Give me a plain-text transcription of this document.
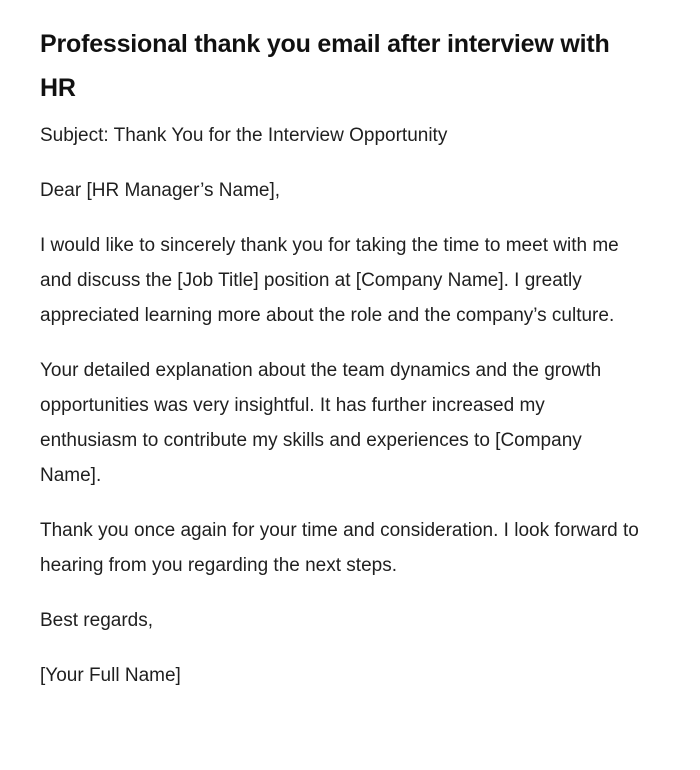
Professional thank you email after interview with HR

Subject: Thank You for the Interview Opportunity

Dear [HR Manager’s Name],

I would like to sincerely thank you for taking the time to meet with me and discuss the [Job Title] position at [Company Name]. I greatly appreciated learning more about the role and the company’s culture.

Your detailed explanation about the team dynamics and the growth opportunities was very insightful. It has further increased my enthusiasm to contribute my skills and experiences to [Company Name].

Thank you once again for your time and consideration. I look forward to hearing from you regarding the next steps.

Best regards,

[Your Full Name]
